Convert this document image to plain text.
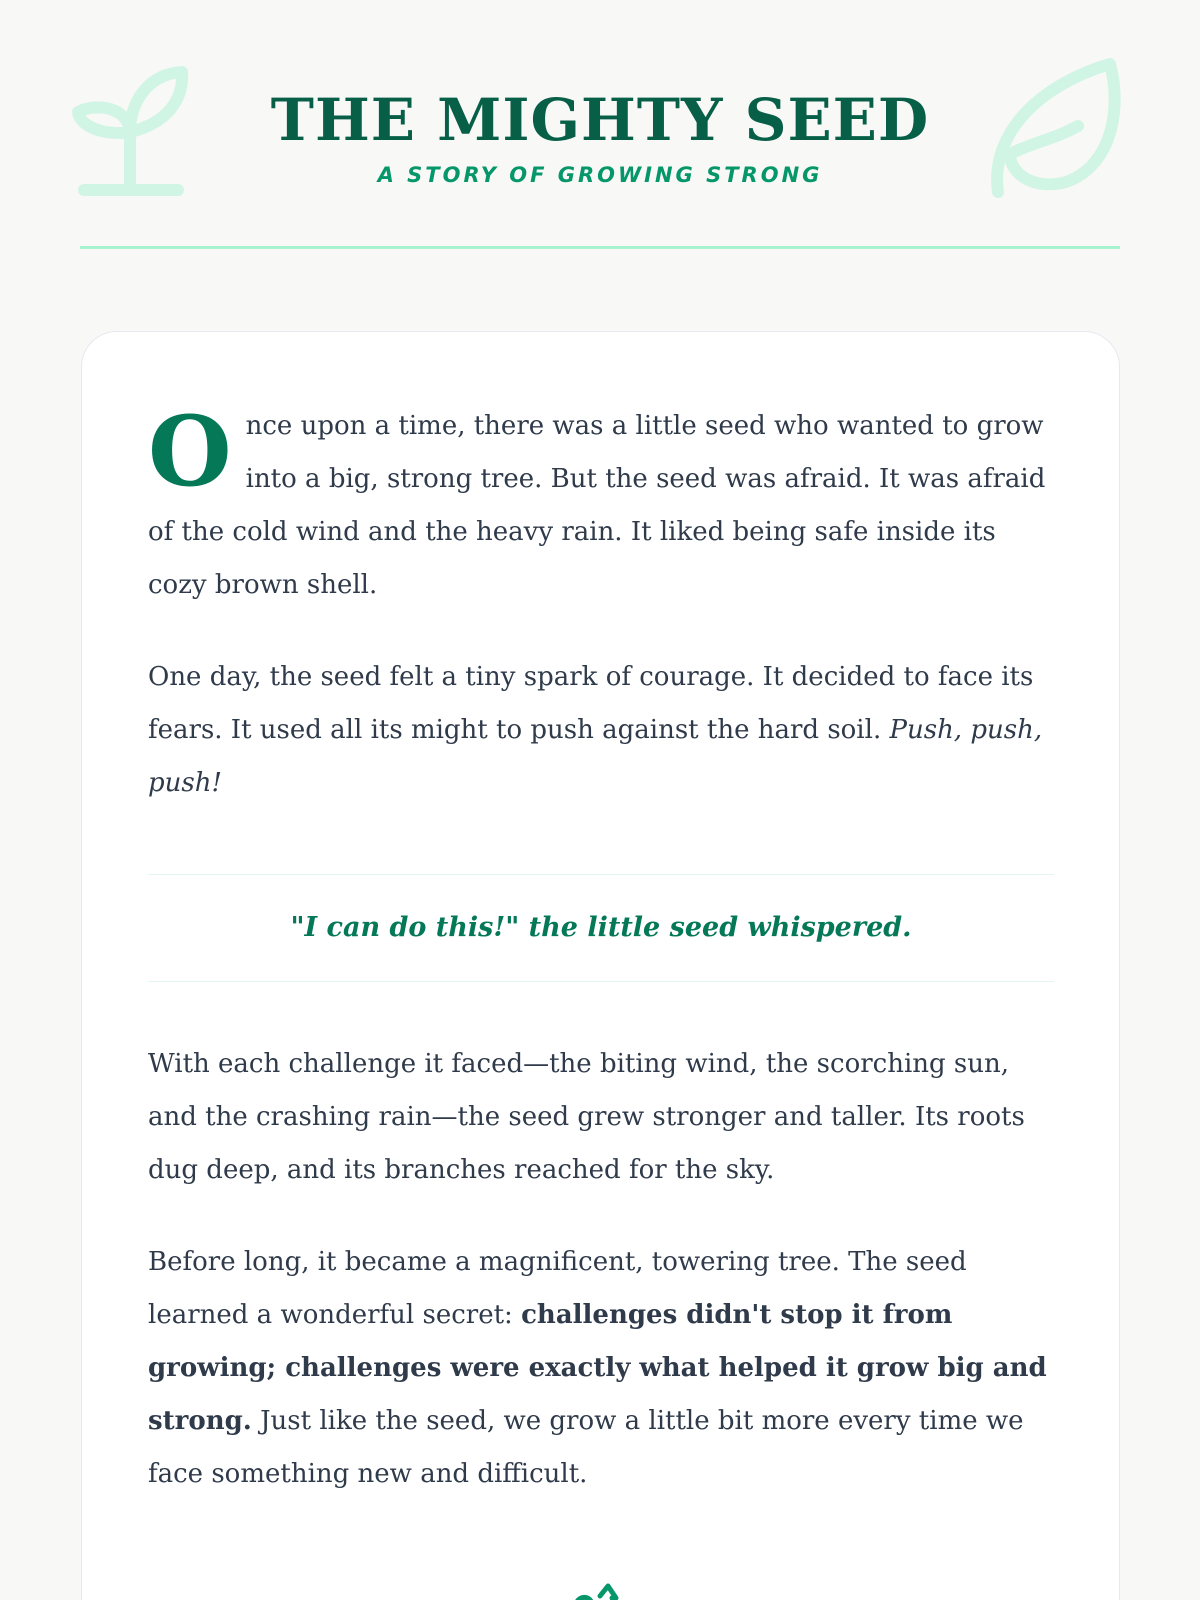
THE MIGHTY SEED
A STORY OF GROWING STRONG

Once upon a time, there was a little seed who wanted to grow into a big, strong tree. But the seed was afraid. It was afraid of the cold wind and the heavy rain. It liked being safe inside its cozy brown shell.

One day, the seed felt a tiny spark of courage. It decided to face its fears. It used all its might to push against the hard soil. Push, push, push!

"I can do this!" the little seed whispered.

With each challenge it faced—the biting wind, the scorching sun, and the crashing rain—the seed grew stronger and taller. Its roots dug deep, and its branches reached for the sky.

Before long, it became a magnificent, towering tree. The seed learned a wonderful secret: challenges didn't stop it from growing; challenges were exactly what helped it grow big and strong. Just like the seed, we grow a little bit more every time we face something new and difficult.
